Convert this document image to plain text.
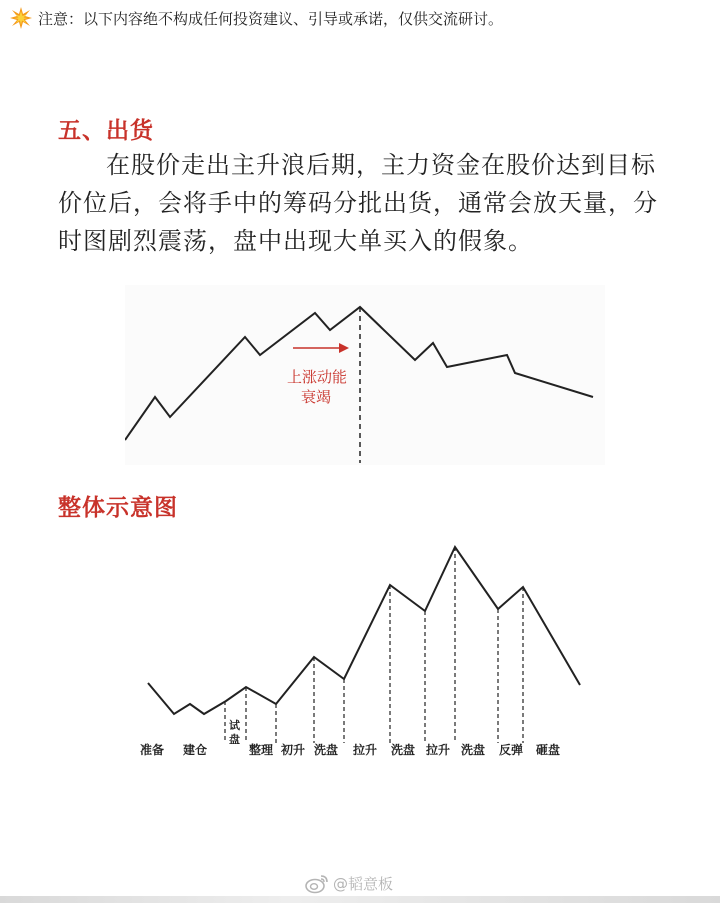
注意：以下内容绝不构成任何投资建议、引导或承诺，仅供交流研讨。
五、出货

在股价走出主升浪后期，主力资金在股价达到目标价位后，会将手中的筹码分批出货，通常会放天量，分时图剧烈震荡，盘中出现大单买入的假象。

上涨动能
衰竭
整体示意图
准备 建仓
试盘
整理 初升 洗盘 拉升 洗盘 拉升 洗盘 反弹 砸盘
@韬意板
